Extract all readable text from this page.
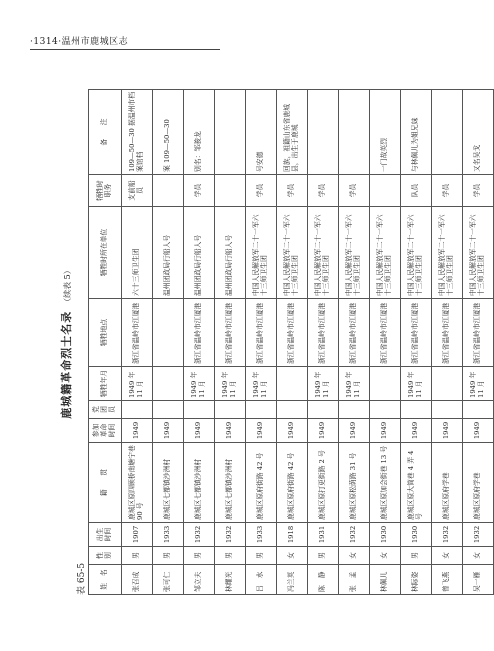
·1314·温州市鹿城区志
鹿城籍革命烈士名录 （续表 5）
表 65-5 姓　名	性别	出生时间	籍　　贯	参加革命时间	党团员	牺牲年月	牺牲地点	牺牲时所在单位	牺牲时职务	备　　注
张召成	男	1907	鹿城区原四顾桥南塘宁巷 90 号	1949		1949 年 11 月	浙江省温岭市江厦港	六十三师卫生团	支前船员	109—50—30 据温州市档案馆档
张可仁	男	1933	鹿城区七都镇沙洲村	1949				温州团政局行船人号		案 109—50—30
邹立夫	男	1932	鹿城区七都镇沙洲村	1949		1949 年 11 月	浙江省温岭市江厦港	温州团政局行船人号	学员	别名：邹骏龙
林耀光	男	1932	鹿城区七都镇沙洲村	1949		1949 年 11 月	浙江省温岭市江厦港	温州团政局行船人号		
吕　水	男	1933	鹿城区原府街路 42 号	1949		1949 年 11 月	浙江省温岭市江厦港	中国人民解放军二十一军六十三师卫生团	学员	号安德
冯兰英	女	1918	鹿城区原府街路 42 号	1949			浙江省温岭市江厦港	中国人民解放军二十一军六十三师卫生团	学员	回族，祖籍山东省鹿城县，出生于鹿城
陈　静	男	1931	鹿城区原打更街路 2 号	1949		1949 年 11 月	浙江省温岭市江厦港	中国人民解放军二十一军六十三师卫生团	学员	
张　孟	女	1932	鹿城区原松荫路 31 号	1949		1949 年 11 月	浙江省温岭市江厦港	中国人民解放军二十一军六十三师卫生团	学员	
林佩儿	女	1930	鹿城区原加会街巷 13 号	1949			浙江省温岭市江厦港	中国人民解放军二十一军六十三师卫生团		一门故英烈
林际姿	男	1930	鹿城区原大简巷 4 弄 4 号	1949		1949 年 11 月	浙江省温岭市江厦港	中国人民解放军二十一军六十三师卫生团	队员	与林佩儿为姐兄妹
曾飞燕	女	1932	鹿城区原府学巷	1949			浙江省温岭市江厦港	中国人民解放军二十一军六十三师卫生团	学员	
吴一雁	女	1932	鹿城区原府学巷	1949		1949 年 11 月	浙江省温岭市江厦港	中国人民解放军二十一军六十三师卫生团	学员	又名吴戈
